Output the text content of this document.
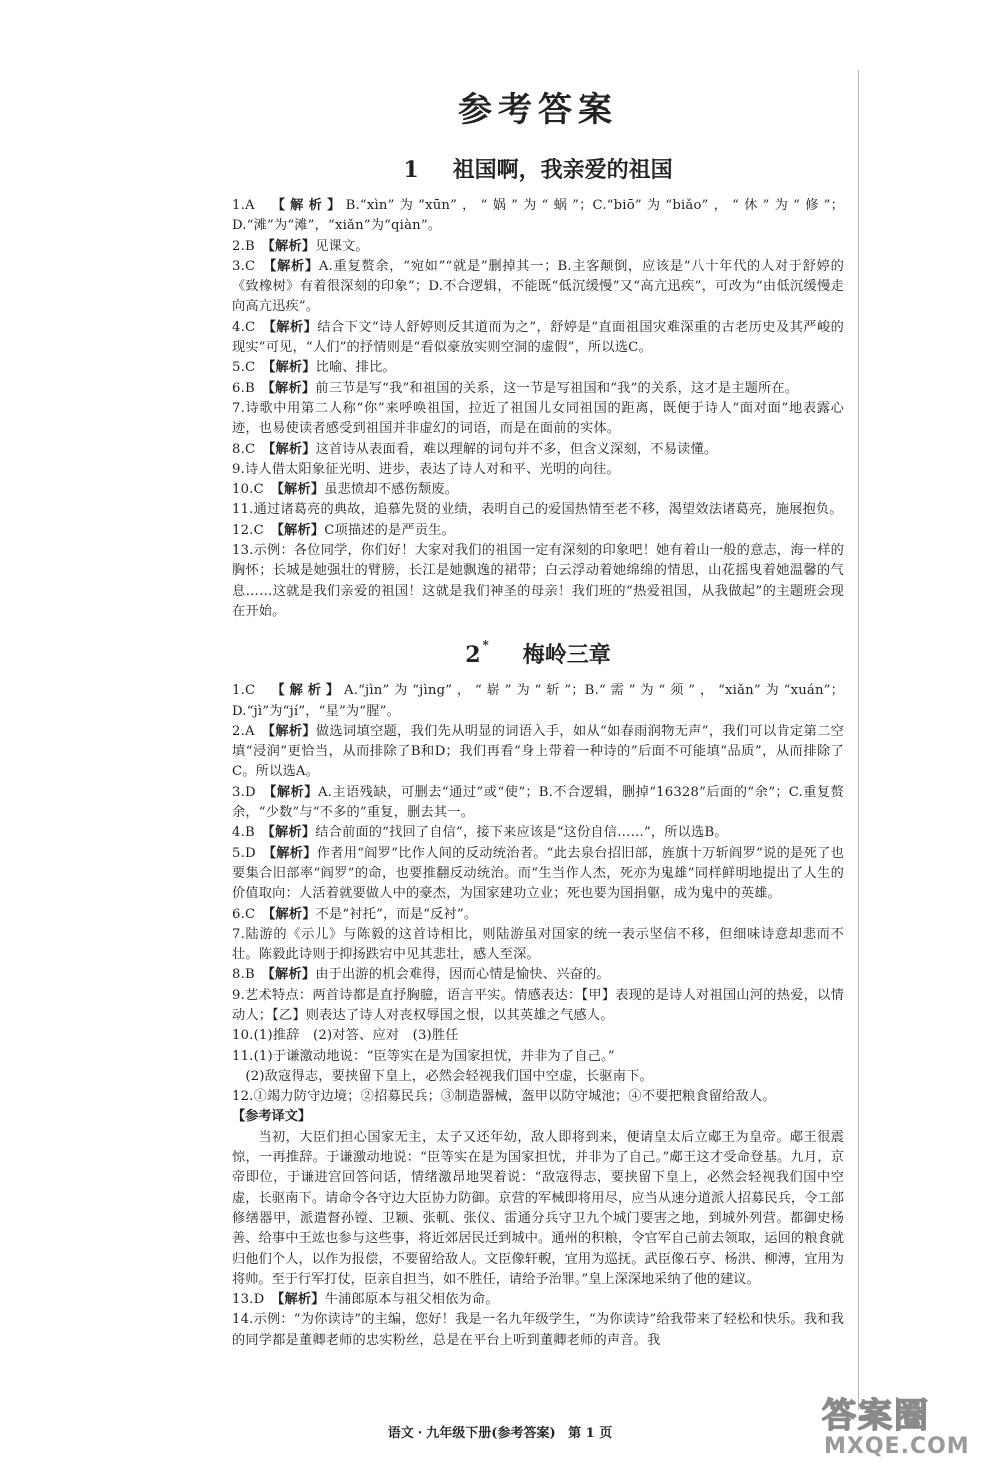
参考答案
1 祖国啊，我亲爱的祖国

1.A　【解析】B.“xìn”为“xūn”，“娲”为“蜗”；C.“biō”为“biǎo”，“休”为“修”；D.“滩”为“滩”，“xiǎn”为“qiàn”。

2.B　【解析】见课文。

3.C　【解析】A.重复赘余，“宛如”“就是”删掉其一；B.主客颠倒，应该是“八十年代的人对于舒婷的《致橡树》有着很深刻的印象”；D.不合逻辑，不能既“低沉缓慢”又“高亢迅疾”，可改为“由低沉缓慢走向高亢迅疾”。

4.C　【解析】结合下文“诗人舒婷则反其道而为之”，舒婷是“直面祖国灾难深重的古老历史及其严峻的现实”可见，“人们”的抒情则是“看似豪放实则空洞的虚假”，所以选C。

5.C　【解析】比喻、排比。

6.B　【解析】前三节是写“我”和祖国的关系，这一节是写祖国和“我”的关系，这才是主题所在。

7.诗歌中用第二人称“你”来呼唤祖国，拉近了祖国儿女同祖国的距离，既便于诗人“面对面”地表露心迹，也易使读者感受到祖国并非虚幻的词语，而是在面前的实体。

8.C　【解析】这首诗从表面看，难以理解的词句并不多，但含义深刻，不易读懂。

9.诗人借太阳象征光明、进步，表达了诗人对和平、光明的向往。

10.C　【解析】虽悲愤却不感伤颓废。

11.通过诸葛亮的典故，追慕先贤的业绩，表明自己的爱国热情至老不移，渴望效法诸葛亮，施展抱负。

12.C　【解析】C项描述的是严贡生。

13.示例：各位同学，你们好！大家对我们的祖国一定有深刻的印象吧！她有着山一般的意志，海一样的胸怀；长城是她强壮的臂膀，长江是她飘逸的裙带；白云浮动着她绵绵的情思，山花摇曳着她温馨的气息……这就是我们亲爱的祖国！这就是我们神圣的母亲！我们班的“热爱祖国，从我做起”的主题班会现在开始。

2 * 梅岭三章

1.C　【解析】A.“jìn”为“jìng”，“崭”为“斩”；B.“需”为“须”，“xiǎn”为“xuán”；D.“jì”为“jí”，“星”为“腥”。

2.A　【解析】做选词填空题，我们先从明显的词语入手，如从“如春雨润物无声”，我们可以肯定第二空填“浸润”更恰当，从而排除了B和D；我们再看“身上带着一种诗的”后面不可能填“品质”，从而排除了C。所以选A。

3.D　【解析】A.主语残缺，可删去“通过”或“使”；B.不合逻辑，删掉“16328”后面的“余”；C.重复赘余，“少数”与“不多的”重复，删去其一。

4.B　【解析】结合前面的“找回了自信”，接下来应该是“这份自信……”，所以选B。

5.D　【解析】作者用“阎罗”比作人间的反动统治者。“此去泉台招旧部，旌旗十万斩阎罗”说的是死了也要集合旧部率“阎罗”的命，也要推翻反动统治。而“生当作人杰，死亦为鬼雄”同样鲜明地提出了人生的价值取向：人活着就要做人中的豪杰，为国家建功立业；死也要为国捐躯，成为鬼中的英雄。

6.C　【解析】不是“衬托”，而是“反衬”。

7.陆游的《示儿》与陈毅的这首诗相比，则陆游虽对国家的统一表示坚信不移，但细味诗意却悲而不壮。陈毅此诗则于抑扬跌宕中见其悲壮，感人至深。

8.B　【解析】由于出游的机会难得，因而心情是愉快、兴奋的。

9.艺术特点：两首诗都是直抒胸臆，语言平实。情感表达：【甲】表现的是诗人对祖国山河的热爱，以情动人；【乙】则表达了诗人对丧权辱国之恨，以其英雄之气感人。

10.(1)推辞　(2)对答、应对　(3)胜任

11.(1)于谦激动地说：“臣等实在是为国家担忧，并非为了自己。”

　(2)敌寇得志，要挟留下皇上，必然会轻视我们国中空虚，长驱南下。

12.①竭力防守边境；②招募民兵；③制造器械，盔甲以防守城池；④不要把粮食留给敌人。

【参考译文】
当初，大臣们担心国家无主，太子又还年幼，敌人即将到来，便请皇太后立郕王为皇帝。郕王很震惊，一再推辞。于谦激动地说：“臣等实在是为国家担忧，并非为了自己。”郕王这才受命登基。九月，京帝即位，于谦进宫回答问话，情绪激昂地哭着说：“敌寇得志，要挟留下皇上，必然会轻视我们国中空虚，长驱南下。请命令各守边大臣协力防御。京营的军械即将用尽，应当从速分道派人招募民兵，令工部修缮器甲，派遣督孙镗、卫颖、张軏、张仪、雷通分兵守卫九个城门要害之地，到城外列营。都御史杨善、给事中王竑也参与这些事，将近郊居民迁到城中。通州的积粮，令官军自己前去领取，运回的粮食就归他们个人，以作为报偿，不要留给敌人。文臣像轩輗，宜用为巡抚。武臣像石亨、杨洪、柳溥，宜用为将帅。至于行军打仗，臣亲自担当，如不胜任，请给予治罪。”皇上深深地采纳了他的建议。

13.D　【解析】牛浦郎原本与祖父相依为命。

14.示例：“为你读诗”的主编，您好！我是一名九年级学生，“为你读诗”给我带来了轻松和快乐。我和我的同学都是董卿老师的忠实粉丝，总是在平台上听到董卿老师的声音。我

语文 · 九年级下册(参考答案) 第 1 页	答案圈
MXQE.COM
